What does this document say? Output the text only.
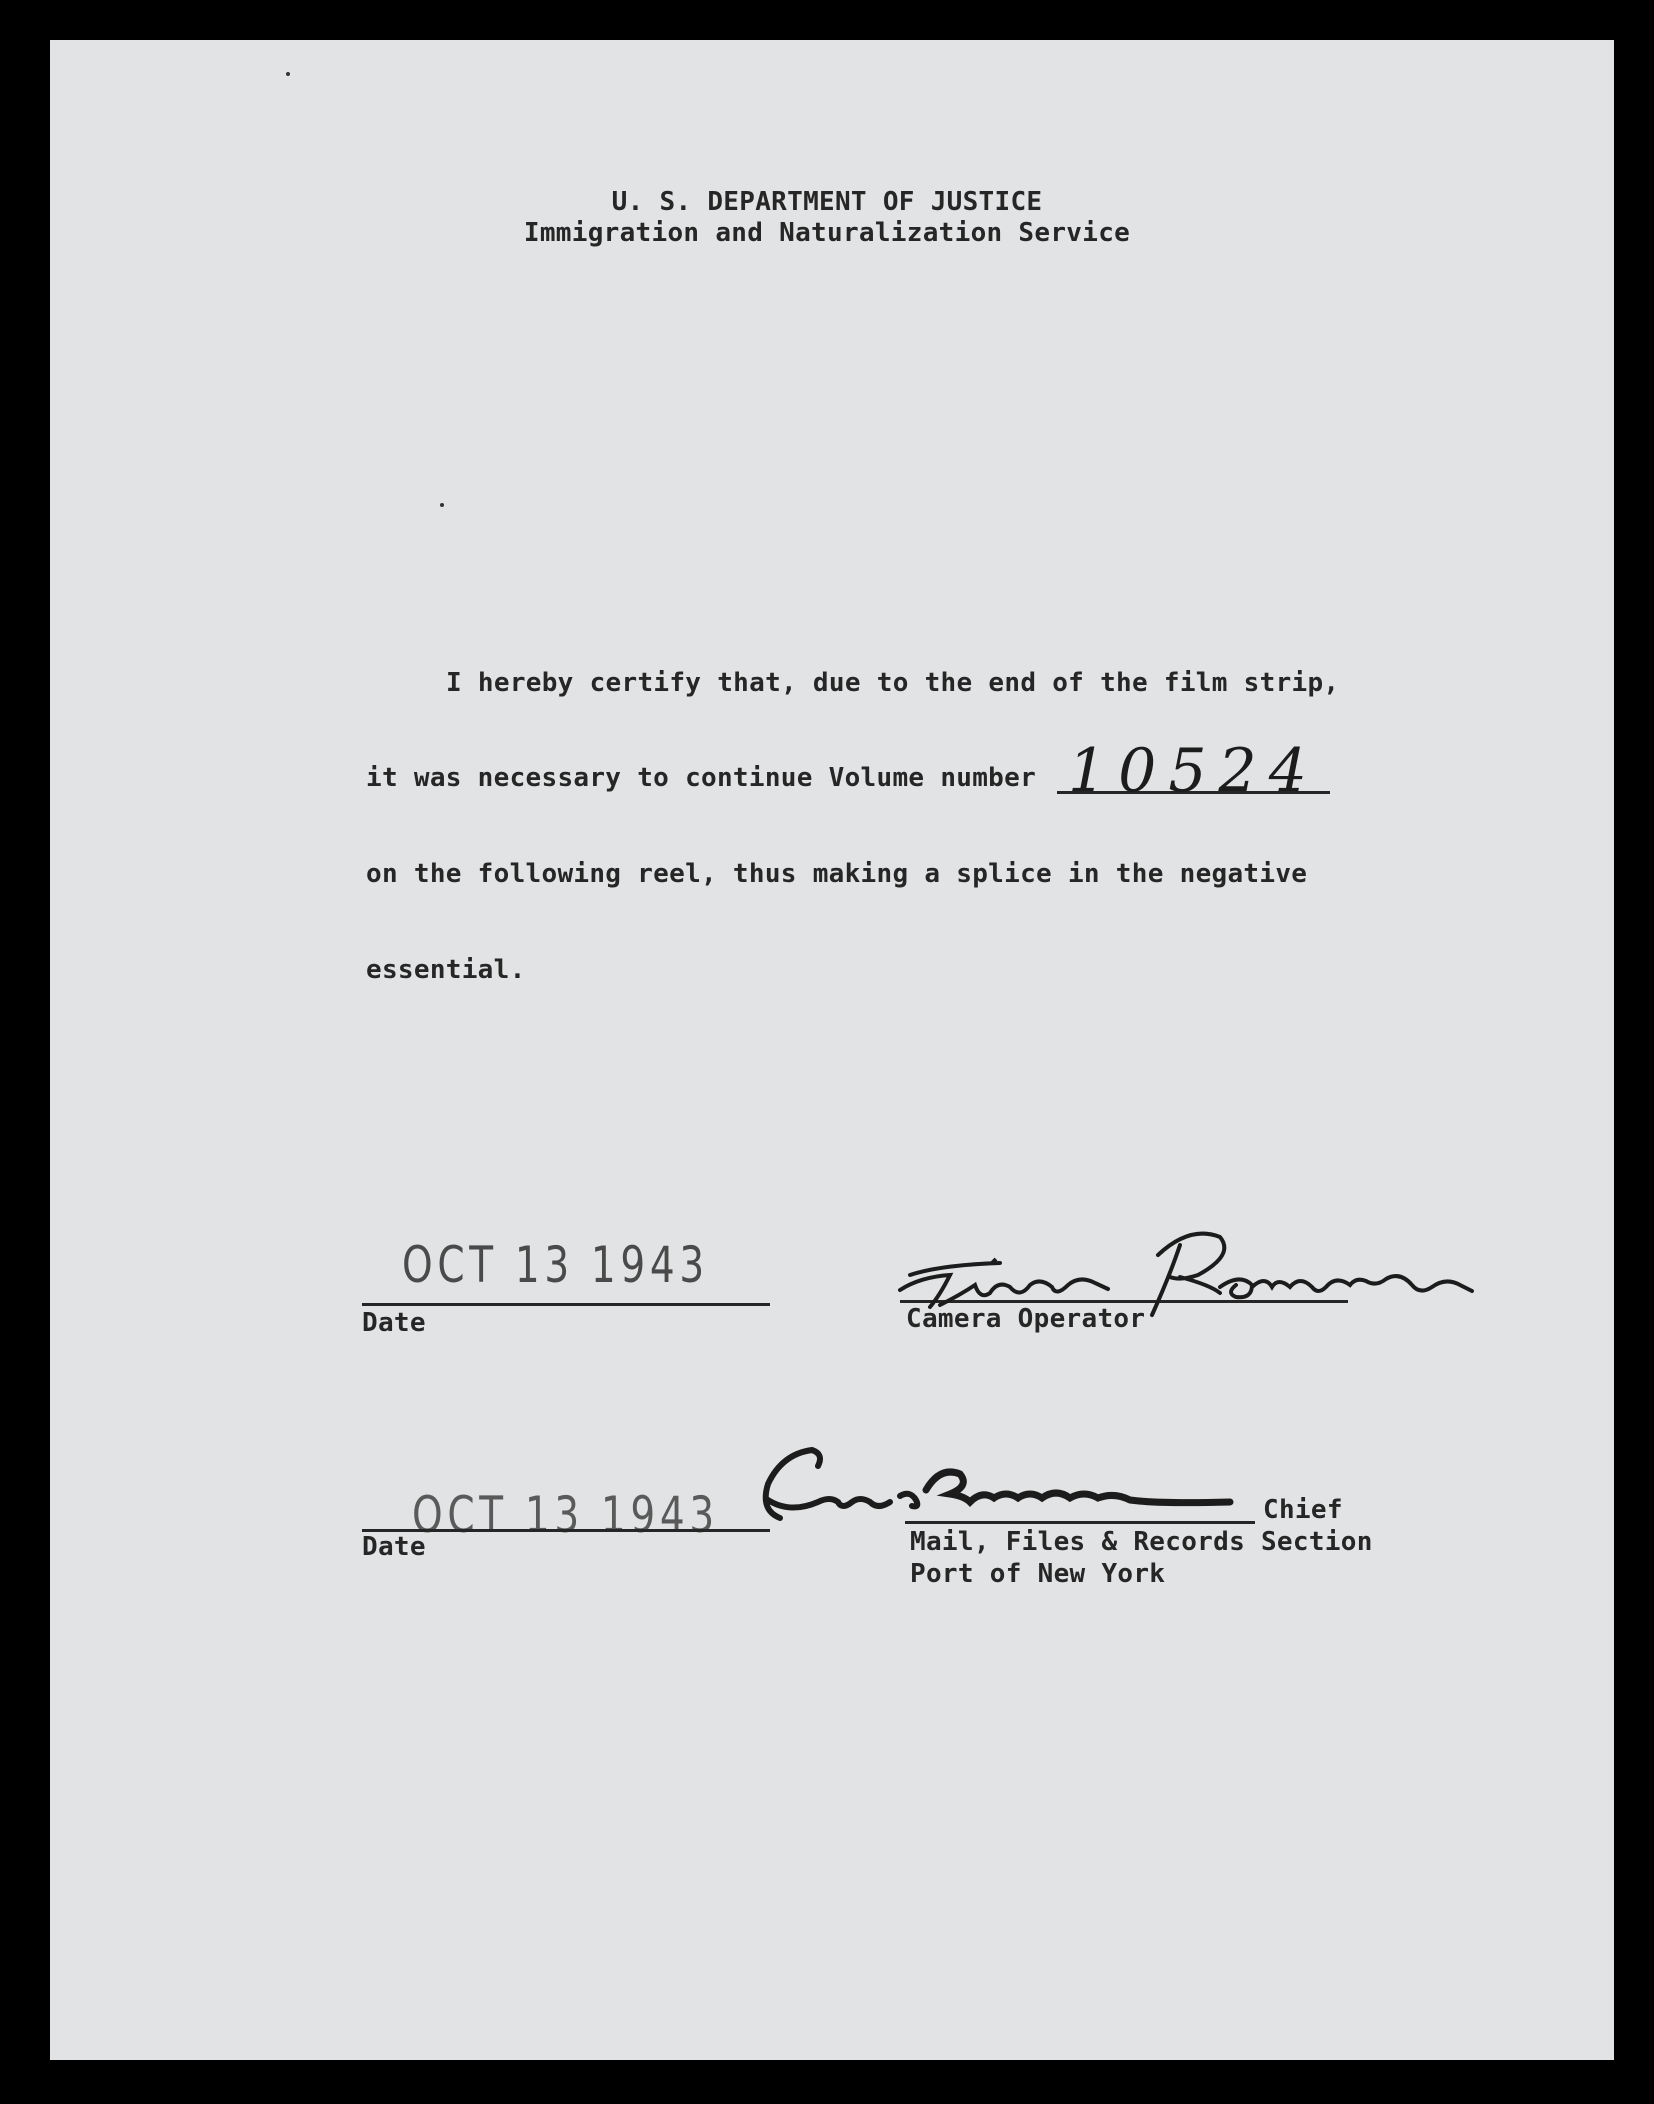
U. S. DEPARTMENT OF JUSTICE
Immigration and Naturalization Service
I hereby certify that, due to the end of the film strip,
it was necessary to continue Volume number 10524
on the following reel, thus making a splice in the negative
essential.
OCT 13 1943
Date	Camera Operator
OCT 13 1943
Date
Chief
Mail, Files & Records Section
Port of New York
